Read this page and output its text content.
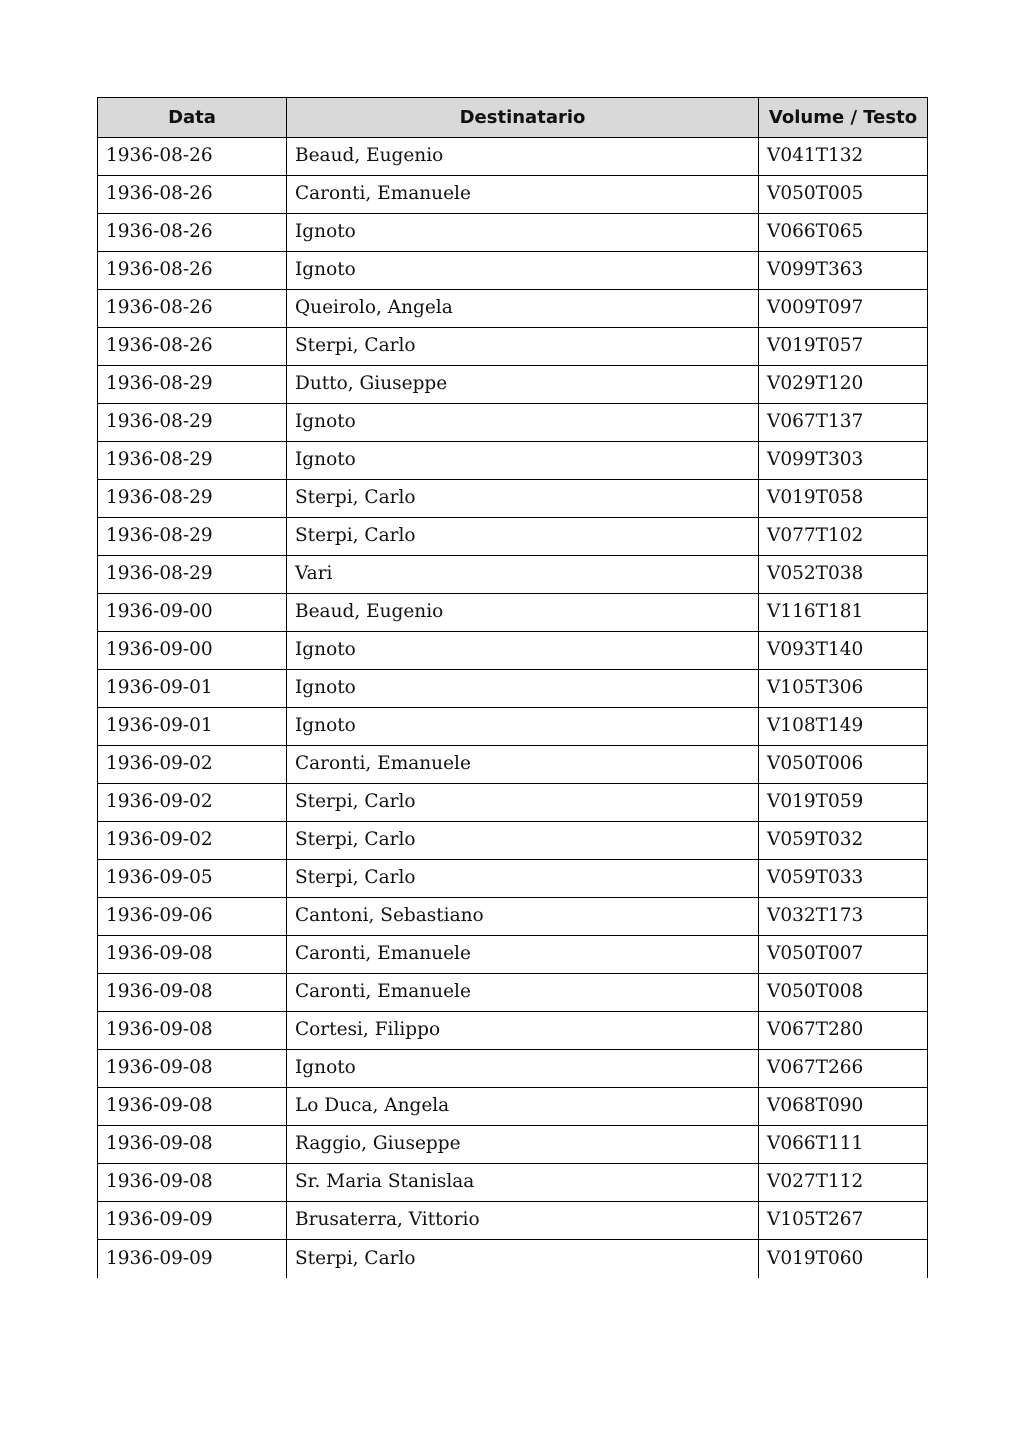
Data	Destinatario	Volume / Testo
1936-08-26	Beaud, Eugenio	V041T132
1936-08-26	Caronti, Emanuele	V050T005
1936-08-26	Ignoto	V066T065
1936-08-26	Ignoto	V099T363
1936-08-26	Queirolo, Angela	V009T097
1936-08-26	Sterpi, Carlo	V019T057
1936-08-29	Dutto, Giuseppe	V029T120
1936-08-29	Ignoto	V067T137
1936-08-29	Ignoto	V099T303
1936-08-29	Sterpi, Carlo	V019T058
1936-08-29	Sterpi, Carlo	V077T102
1936-08-29	Vari	V052T038
1936-09-00	Beaud, Eugenio	V116T181
1936-09-00	Ignoto	V093T140
1936-09-01	Ignoto	V105T306
1936-09-01	Ignoto	V108T149
1936-09-02	Caronti, Emanuele	V050T006
1936-09-02	Sterpi, Carlo	V019T059
1936-09-02	Sterpi, Carlo	V059T032
1936-09-05	Sterpi, Carlo	V059T033
1936-09-06	Cantoni, Sebastiano	V032T173
1936-09-08	Caronti, Emanuele	V050T007
1936-09-08	Caronti, Emanuele	V050T008
1936-09-08	Cortesi, Filippo	V067T280
1936-09-08	Ignoto	V067T266
1936-09-08	Lo Duca, Angela	V068T090
1936-09-08	Raggio, Giuseppe	V066T111
1936-09-08	Sr. Maria Stanislaa	V027T112
1936-09-09	Brusaterra, Vittorio	V105T267
1936-09-09	Sterpi, Carlo	V019T060
